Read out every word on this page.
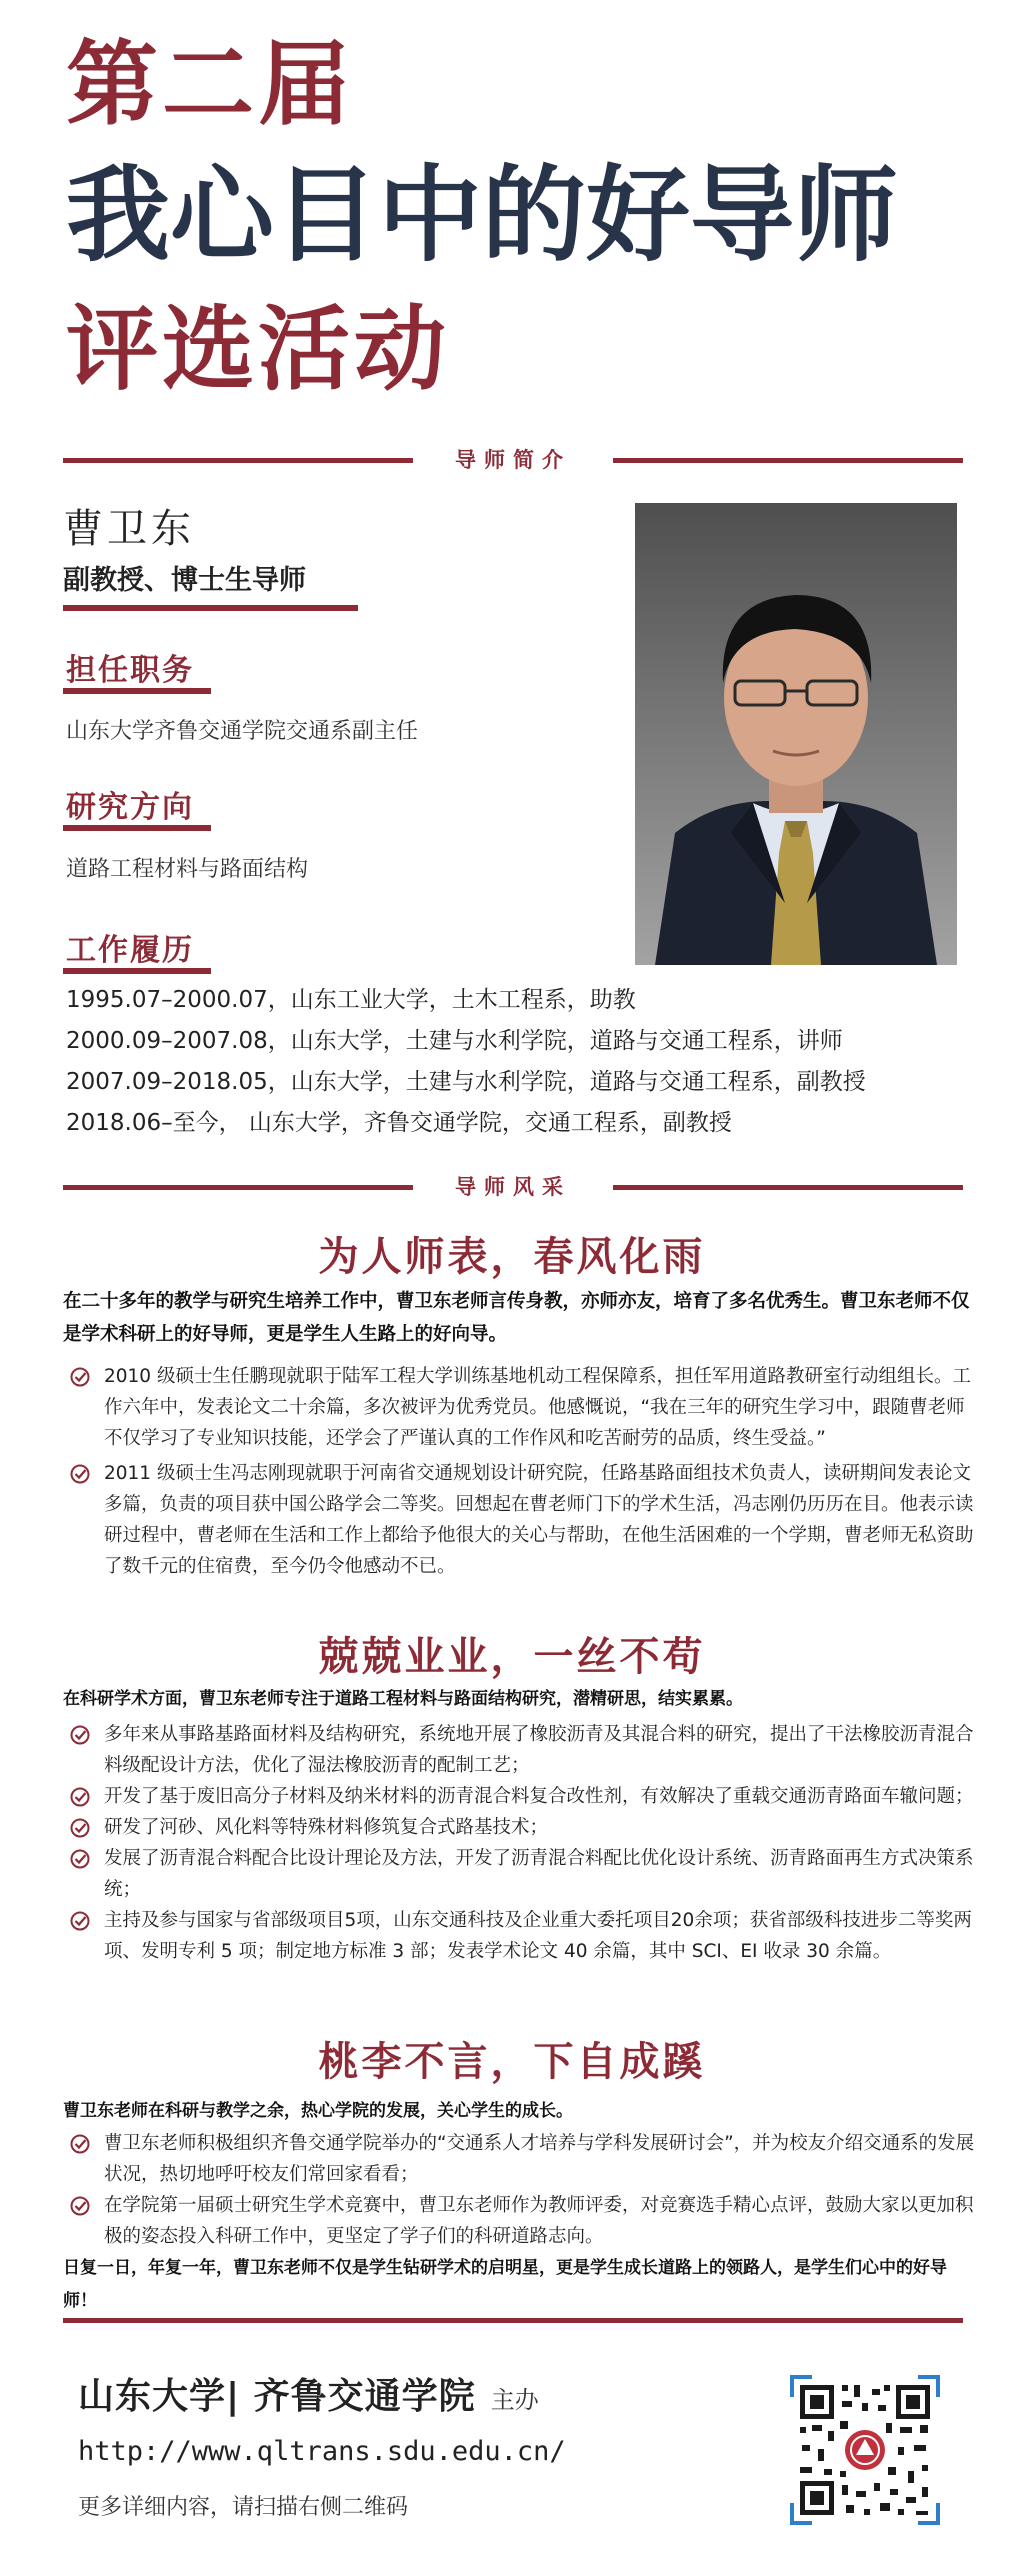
第二届
我心目中的好导师
评选活动
导师简介
曹卫东
副教授、博士生导师
担任职务
山东大学齐鲁交通学院交通系副主任
研究方向
道路工程材料与路面结构
工作履历
1995.07–2000.07，山东工业大学，土木工程系，助教
2000.09–2007.08，山东大学，土建与水利学院，道路与交通工程系，讲师
2007.09–2018.05，山东大学，土建与水利学院，道路与交通工程系，副教授
2018.06–至今， 山东大学，齐鲁交通学院，交通工程系，副教授
导师风采
为人师表，春风化雨
在二十多年的教学与研究生培养工作中，曹卫东老师言传身教，亦师亦友，培育了多名优秀生。曹卫东老师不仅是学术科研上的好导师，更是学生人生路上的好向导。
2010 级硕士生任鹏现就职于陆军工程大学训练基地机动工程保障系，担任军用道路教研室行动组组长。工作六年中，发表论文二十余篇，多次被评为优秀党员。他感慨说，“我在三年的研究生学习中，跟随曹老师不仅学习了专业知识技能，还学会了严谨认真的工作作风和吃苦耐劳的品质，终生受益。”
2011 级硕士生冯志刚现就职于河南省交通规划设计研究院，任路基路面组技术负责人，读研期间发表论文多篇，负责的项目获中国公路学会二等奖。回想起在曹老师门下的学术生活，冯志刚仍历历在目。他表示读研过程中，曹老师在生活和工作上都给予他很大的关心与帮助，在他生活困难的一个学期，曹老师无私资助了数千元的住宿费，至今仍令他感动不已。
兢兢业业，一丝不苟
在科研学术方面，曹卫东老师专注于道路工程材料与路面结构研究，潜精研思，结实累累。
多年来从事路基路面材料及结构研究，系统地开展了橡胶沥青及其混合料的研究，提出了干法橡胶沥青混合料级配设计方法，优化了湿法橡胶沥青的配制工艺；
开发了基于废旧高分子材料及纳米材料的沥青混合料复合改性剂，有效解决了重载交通沥青路面车辙问题；
研发了河砂、风化料等特殊材料修筑复合式路基技术；
发展了沥青混合料配合比设计理论及方法，开发了沥青混合料配比优化设计系统、沥青路面再生方式决策系统；
主持及参与国家与省部级项目5项，山东交通科技及企业重大委托项目20余项；获省部级科技进步二等奖两项、发明专利 5 项；制定地方标准 3 部；发表学术论文 40 余篇，其中 SCI、EI 收录 30 余篇。
桃李不言，下自成蹊
曹卫东老师在科研与教学之余，热心学院的发展，关心学生的成长。
曹卫东老师积极组织齐鲁交通学院举办的“交通系人才培养与学科发展研讨会”，并为校友介绍交通系的发展状况，热切地呼吁校友们常回家看看；
在学院第一届硕士研究生学术竞赛中，曹卫东老师作为教师评委，对竞赛选手精心点评，鼓励大家以更加积极的姿态投入科研工作中，更坚定了学子们的科研道路志向。
日复一日，年复一年，曹卫东老师不仅是学生钻研学术的启明星，更是学生成长道路上的领路人，是学生们心中的好导师！
山东大学| 齐鲁交通学院 主办
http://www.qltrans.sdu.edu.cn/
更多详细内容，请扫描右侧二维码
